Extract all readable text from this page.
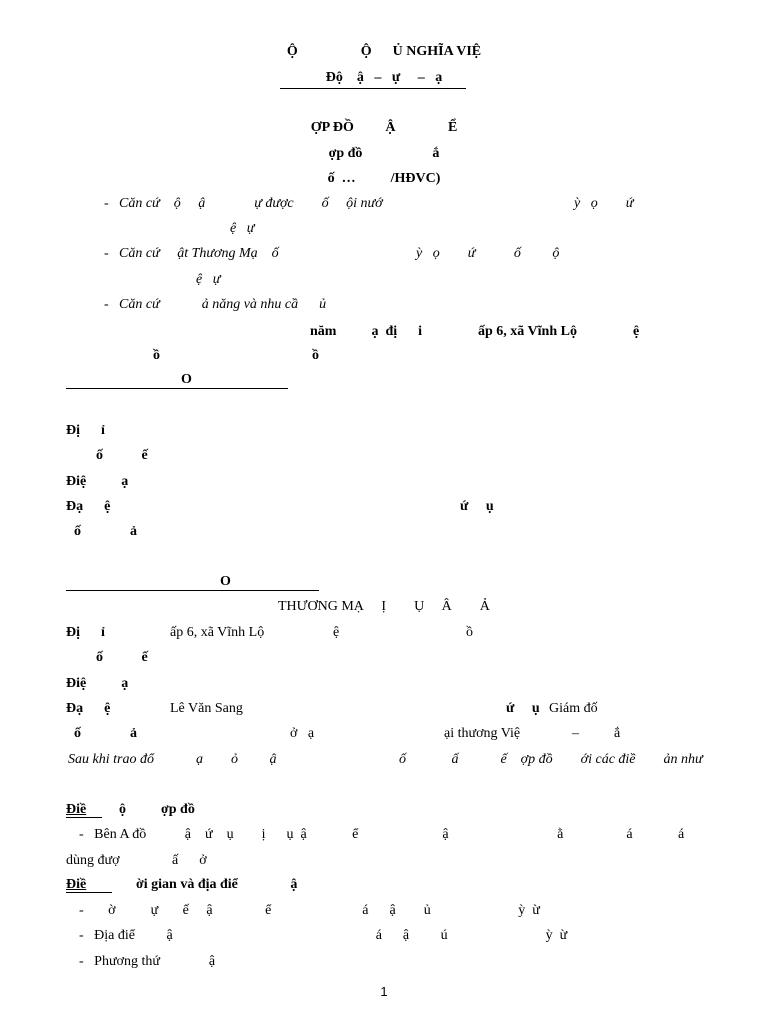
Ộ                  Ộ      Ủ NGHĨA VIỆ
Độ    ậ   –   ự     –   ạ
ỢP ĐỒ         Ậ               Ể
ợp đồ                    ắ
ố  …          /HĐVC)
- Căn cứ    ộ     ậ              ự được        ố     ội nướ	ỳ   ọ        ứ
ệ   ự
- Căn cứ     ật Thương Mạ    ố	ỳ   ọ        ứ           ố         ộ
ệ   ự
- Căn cứ            ả năng và nhu cầ      ủ
năm          ạ  đị      i                ấp 6, xã Vĩnh Lộ                ệ
ồ	ồ
O
Đị      ỉ
ố           ế
Điệ          ạ
Đạ      ệ	ứ     ụ
ố              ả
O
THƯƠNG MẠ     Ị        Ụ     Â        Ả
Đị      ỉ	ấp 6, xã Vĩnh Lộ	ệ	ồ
ố           ế
Điệ          ạ
Đạ      ệ	Lê Văn Sang	ứ     ụ Giám đố
ố              ả	ở   ạ	ại thương Việ	–          ắ
Sau khi trao đổ            ạ        ỏ         ậ                                   ố             ấ            ế    ợp đồ        ới các điề        ản như
Điề ộ          ợp đồ
-   Bên A đồ           ậ    ứ    ụ        ị      ụ  ậ             ể                        ậ                               ằ                  á             á
dùng đượ               ấ      ở
Điề	ời gian và địa điể               ậ
-       ờ          ự       ế     ậ               ể                          á      ậ        ủ                         ỳ  ừ
-   Địa điể         ậ                                                          á      ậ         ú                            ỳ  ừ
-   Phương thứ              ậ
1
